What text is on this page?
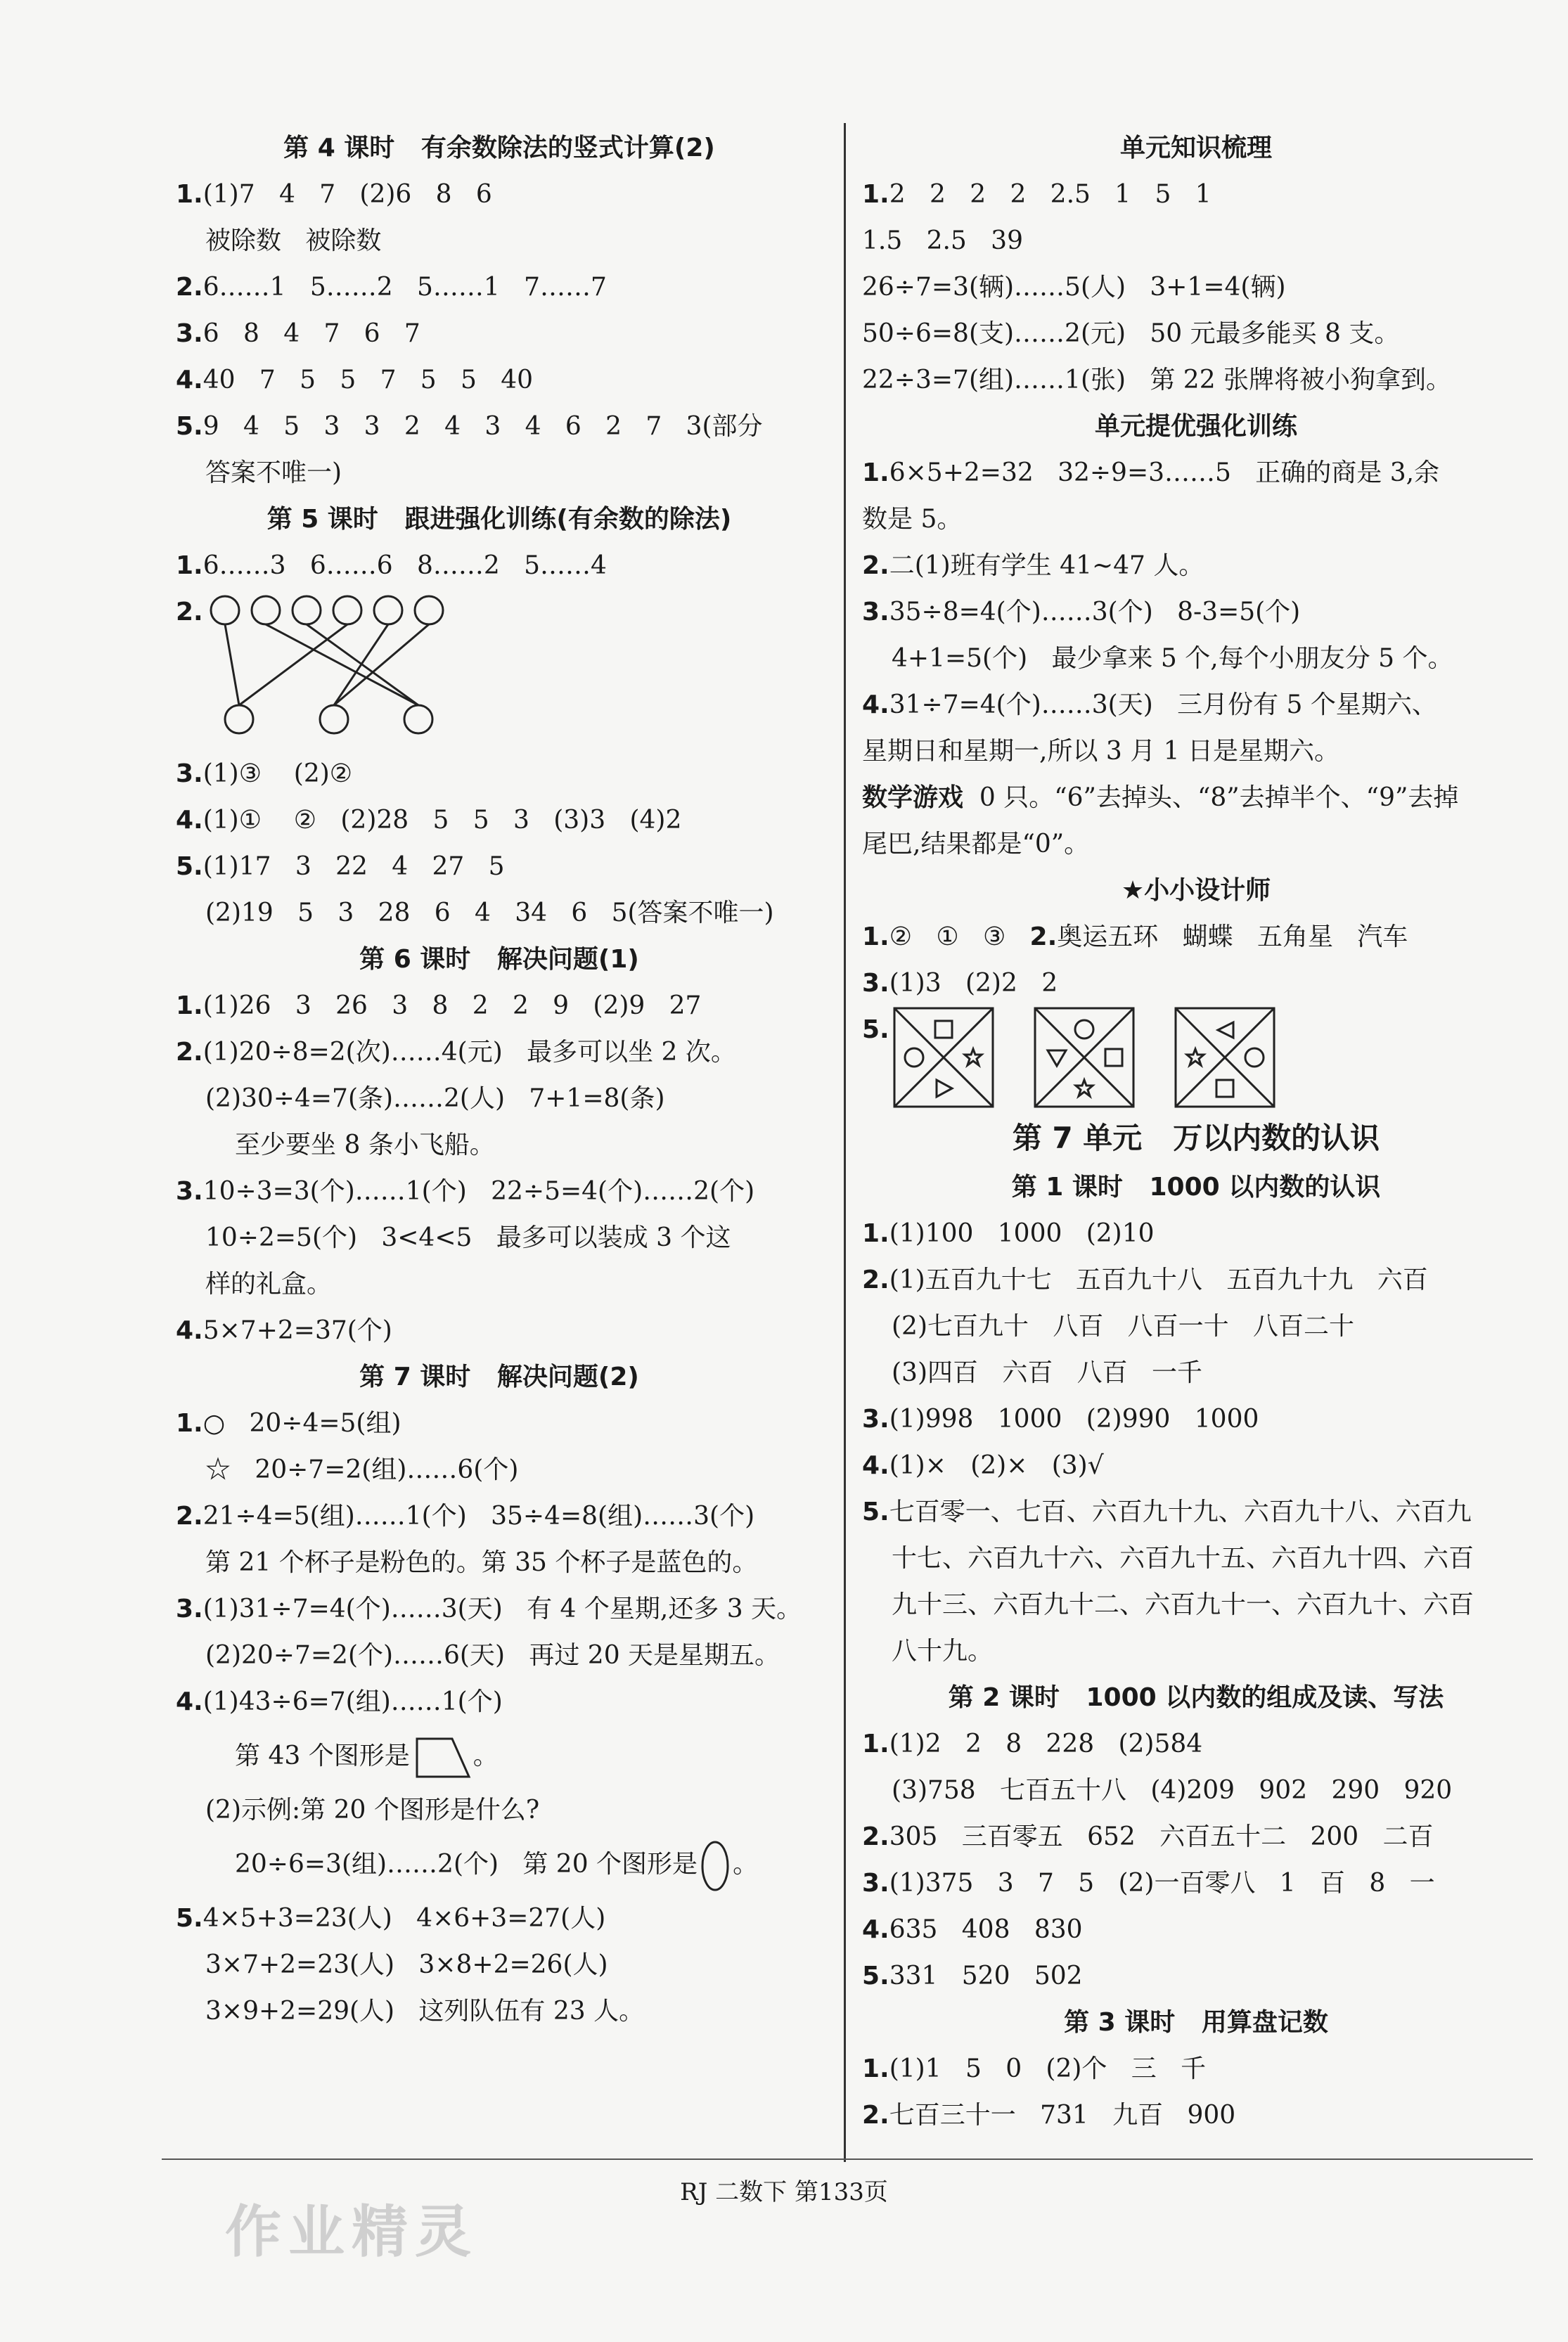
第 4 课时   有余数除法的竖式计算(2)
1.(1)7   4   7   (2)6   8   6
被除数   被除数
2.6……1   5……2   5……1   7……7
3.6   8   4   7   6   7
4.40   7   5   5   7   5   5   40
5.9   4   5   3   3   2   4   3   4   6   2   7   3(部分
答案不唯一)
第 5 课时   跟进强化训练(有余数的除法)
1.6……3   6……6   8……2   5……4
2.
3.(1)③    (2)②
4.(1)①    ②   (2)28   5   5   3   (3)3   (4)2
5.(1)17   3   22   4   27   5
(2)19   5   3   28   6   4   34   6   5(答案不唯一)
第 6 课时   解决问题(1)
1.(1)26   3   26   3   8   2   2   9   (2)9   27
2.(1)20÷8=2(次)……4(元)   最多可以坐 2 次。
(2)30÷4=7(条)……2(人)   7+1=8(条)
至少要坐 8 条小飞船。
3.10÷3=3(个)……1(个)   22÷5=4(个)……2(个)
10÷2=5(个)   3<4<5   最多可以装成 3 个这
样的礼盒。
4.5×7+2=37(个)
第 7 课时   解决问题(2)
1.○   20÷4=5(组)
☆   20÷7=2(组)……6(个)
2.21÷4=5(组)……1(个)   35÷4=8(组)……3(个)
第 21 个杯子是粉色的。第 35 个杯子是蓝色的。
3.(1)31÷7=4(个)……3(天)   有 4 个星期,还多 3 天。
(2)20÷7=2(个)……6(天)   再过 20 天是星期五。
4.(1)43÷6=7(组)……1(个)
第 43 个图形是	。
(2)示例:第 20 个图形是什么?
20÷6=3(组)……2(个)   第 20 个图形是 。
5.4×5+3=23(人)   4×6+3=27(人)
3×7+2=23(人)   3×8+2=26(人)
3×9+2=29(人)   这列队伍有 23 人。
单元知识梳理
1.2   2   2   2   2.5   1   5   1
1.5   2.5   39
26÷7=3(辆)……5(人)   3+1=4(辆)
50÷6=8(支)……2(元)   50 元最多能买 8 支。
22÷3=7(组)……1(张)   第 22 张牌将被小狗拿到。
单元提优强化训练
1.6×5+2=32   32÷9=3……5   正确的商是 3,余
数是 5。
2.二(1)班有学生 41~47 人。
3.35÷8=4(个)……3(个)   8-3=5(个)
4+1=5(个)   最少拿来 5 个,每个小朋友分 5 个。
4.31÷7=4(个)……3(天)   三月份有 5 个星期六、
星期日和星期一,所以 3 月 1 日是星期六。
数学游戏  0 只。“6”去掉头、“8”去掉半个、“9”去掉
尾巴,结果都是“0”。
★小小设计师
1.②   ①   ③   2.奥运五环   蝴蝶   五角星   汽车
3.(1)3   (2)2   2
5.
第 7 单元   万以内数的认识
第 1 课时   1000 以内数的认识
1.(1)100   1000   (2)10
2.(1)五百九十七   五百九十八   五百九十九   六百
(2)七百九十   八百   八百一十   八百二十
(3)四百   六百   八百   一千
3.(1)998   1000   (2)990   1000
4.(1)×   (2)×   (3)√
5.七百零一、七百、六百九十九、六百九十八、六百九
十七、六百九十六、六百九十五、六百九十四、六百
九十三、六百九十二、六百九十一、六百九十、六百
八十九。
第 2 课时   1000 以内数的组成及读、写法
1.(1)2   2   8   228   (2)584
(3)758   七百五十八   (4)209   902   290   920
2.305   三百零五   652   六百五十二   200   二百
3.(1)375   3   7   5   (2)一百零八   1   百   8   一
4.635   408   830
5.331   520   502
第 3 课时   用算盘记数
1.(1)1   5   0   (2)个   三   千
2.七百三十一   731   九百   900
作业精灵
RJ 二数下 第133页
